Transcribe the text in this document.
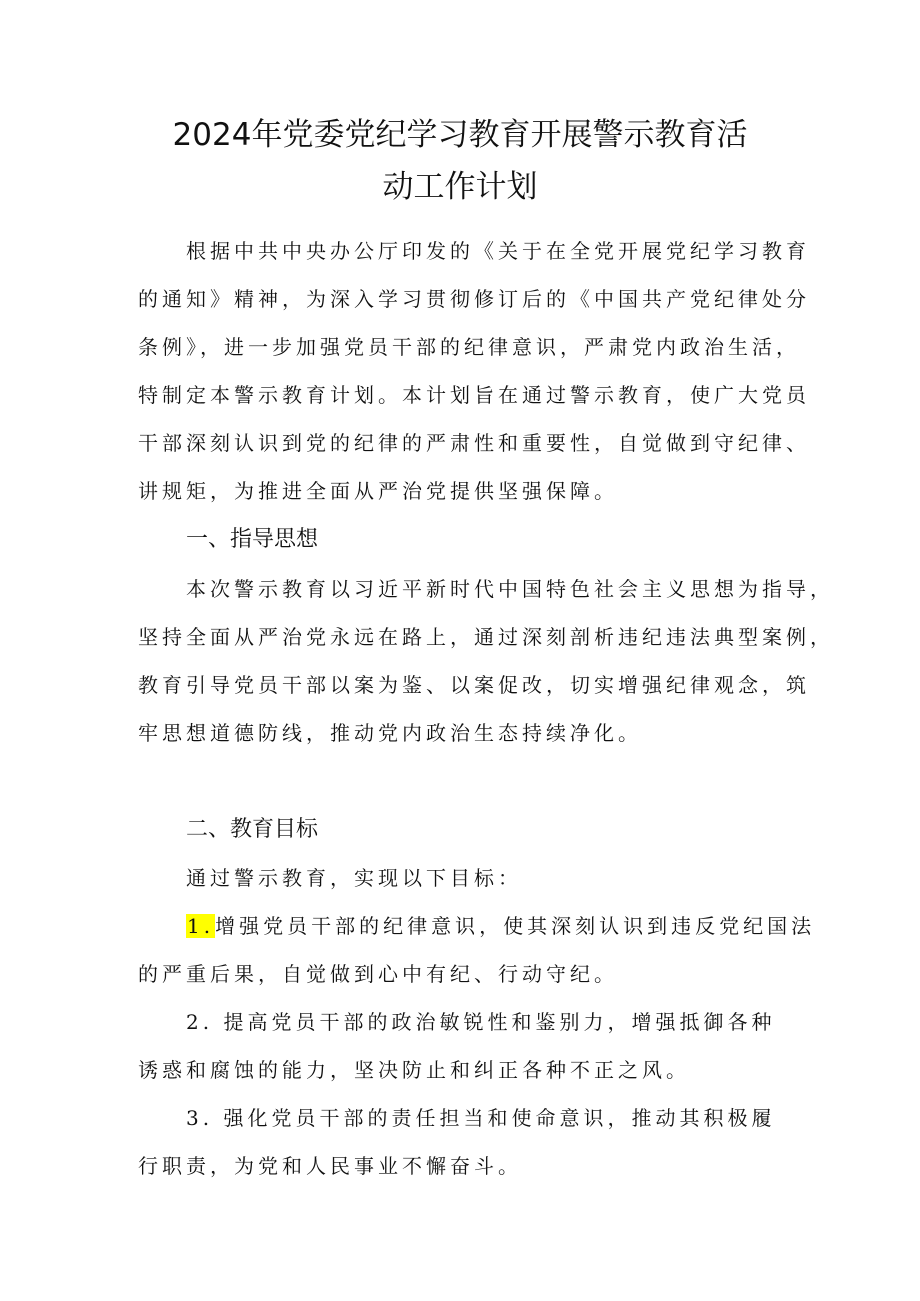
2024年党委党纪学习教育开展警示教育活
动工作计划
根据中共中央办公厅印发的《关于在全党开展党纪学习教育
的通知》精神，为深入学习贯彻修订后的《中国共产党纪律处分
条例》，进一步加强党员干部的纪律意识，严肃党内政治生活，
特制定本警示教育计划。本计划旨在通过警示教育，使广大党员
干部深刻认识到党的纪律的严肃性和重要性，自觉做到守纪律、
讲规矩，为推进全面从严治党提供坚强保障。
一、指导思想
本次警示教育以习近平新时代中国特色社会主义思想为指导，
坚持全面从严治党永远在路上，通过深刻剖析违纪违法典型案例，
教育引导党员干部以案为鉴、以案促改，切实增强纪律观念，筑
牢思想道德防线，推动党内政治生态持续净化。
二、教育目标
通过警示教育，实现以下目标：
1.增强党员干部的纪律意识，使其深刻认识到违反党纪国法
的严重后果，自觉做到心中有纪、行动守纪。
2. 提高党员干部的政治敏锐性和鉴别力，增强抵御各种
诱惑和腐蚀的能力，坚决防止和纠正各种不正之风。
3. 强化党员干部的责任担当和使命意识，推动其积极履
行职责，为党和人民事业不懈奋斗。
